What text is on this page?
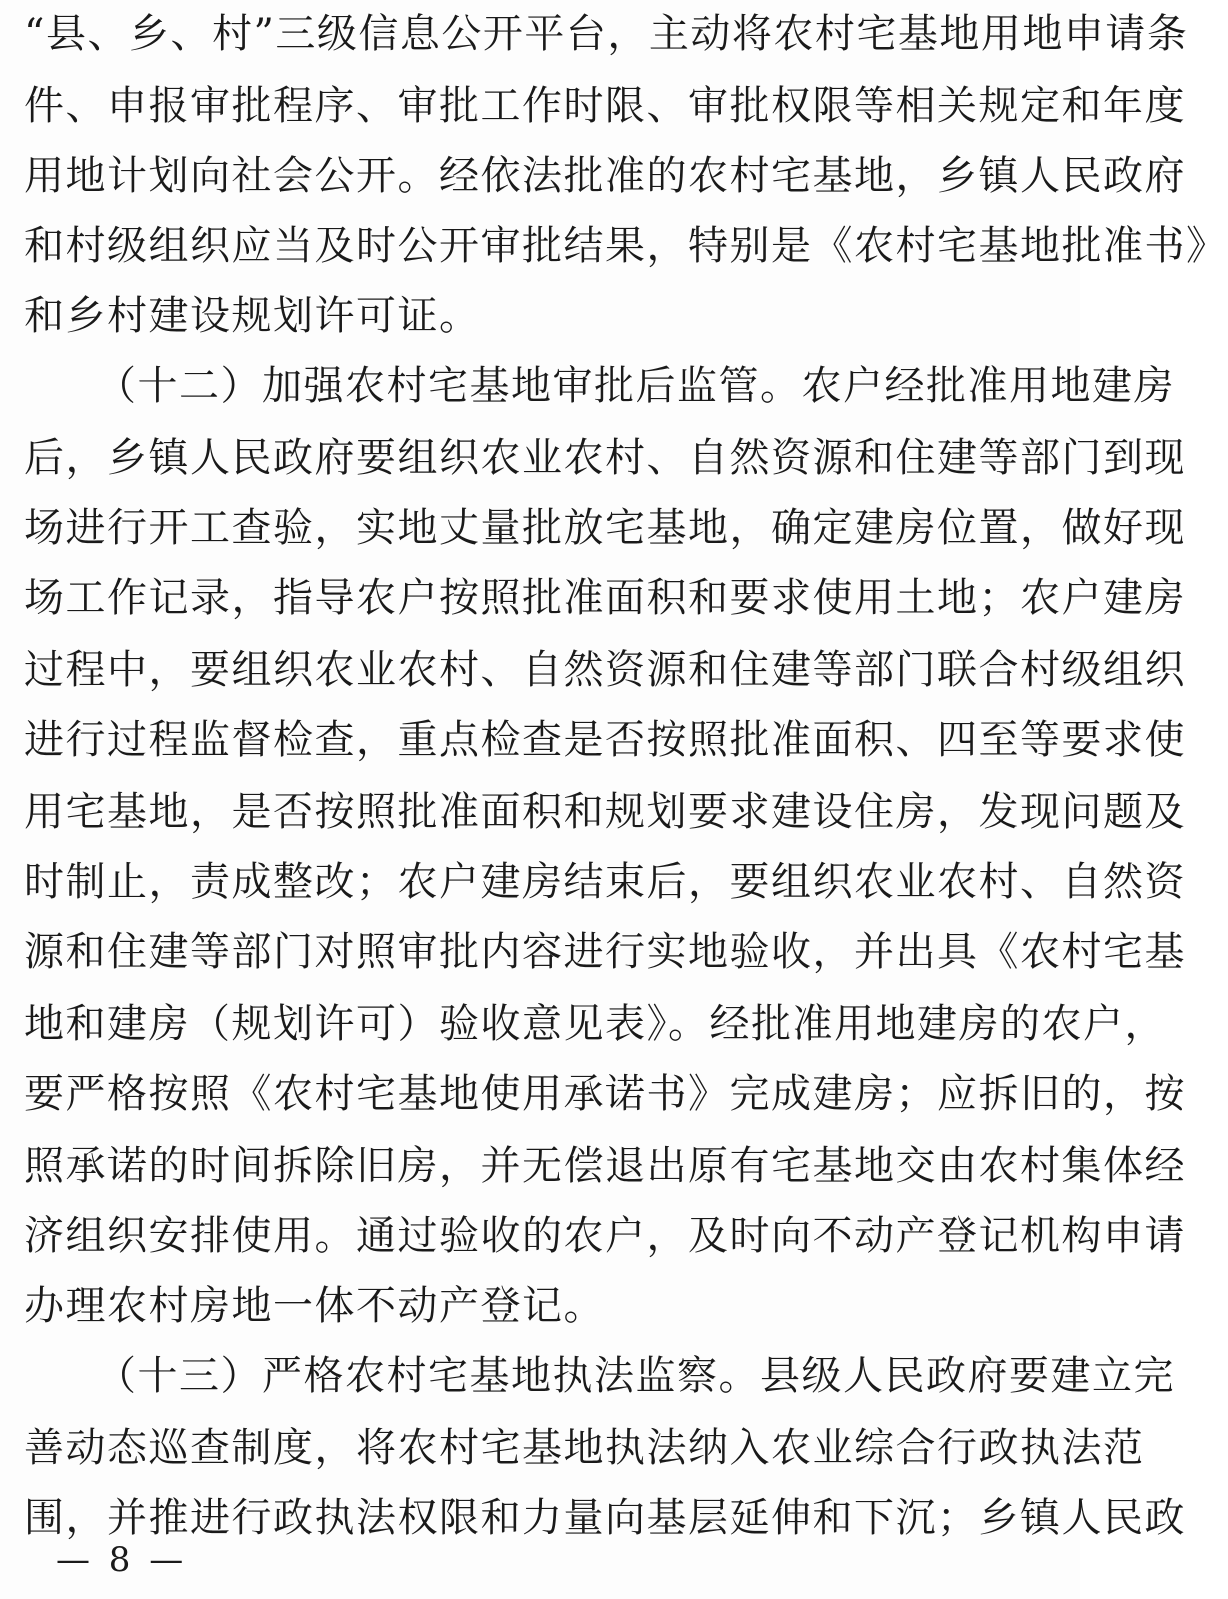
“县、乡、村”三级信息公开平台，主动将农村宅基地用地申请条
件、申报审批程序、审批工作时限、审批权限等相关规定和年度
用地计划向社会公开。经依法批准的农村宅基地，乡镇人民政府
和村级组织应当及时公开审批结果，特别是《农村宅基地批准书》
和乡村建设规划许可证。
（十二）加强农村宅基地审批后监管。农户经批准用地建房
后，乡镇人民政府要组织农业农村、自然资源和住建等部门到现
场进行开工查验，实地丈量批放宅基地，确定建房位置，做好现
场工作记录，指导农户按照批准面积和要求使用土地；农户建房
过程中，要组织农业农村、自然资源和住建等部门联合村级组织
进行过程监督检查，重点检查是否按照批准面积、四至等要求使
用宅基地，是否按照批准面积和规划要求建设住房，发现问题及
时制止，责成整改；农户建房结束后，要组织农业农村、自然资
源和住建等部门对照审批内容进行实地验收，并出具《农村宅基
地和建房（规划许可）验收意见表》。经批准用地建房的农户，
要严格按照《农村宅基地使用承诺书》完成建房；应拆旧的，按
照承诺的时间拆除旧房，并无偿退出原有宅基地交由农村集体经
济组织安排使用。通过验收的农户，及时向不动产登记机构申请
办理农村房地一体不动产登记。
（十三）严格农村宅基地执法监察。县级人民政府要建立完
善动态巡查制度，将农村宅基地执法纳入农业综合行政执法范
围，并推进行政执法权限和力量向基层延伸和下沉；乡镇人民政
— 8 —
